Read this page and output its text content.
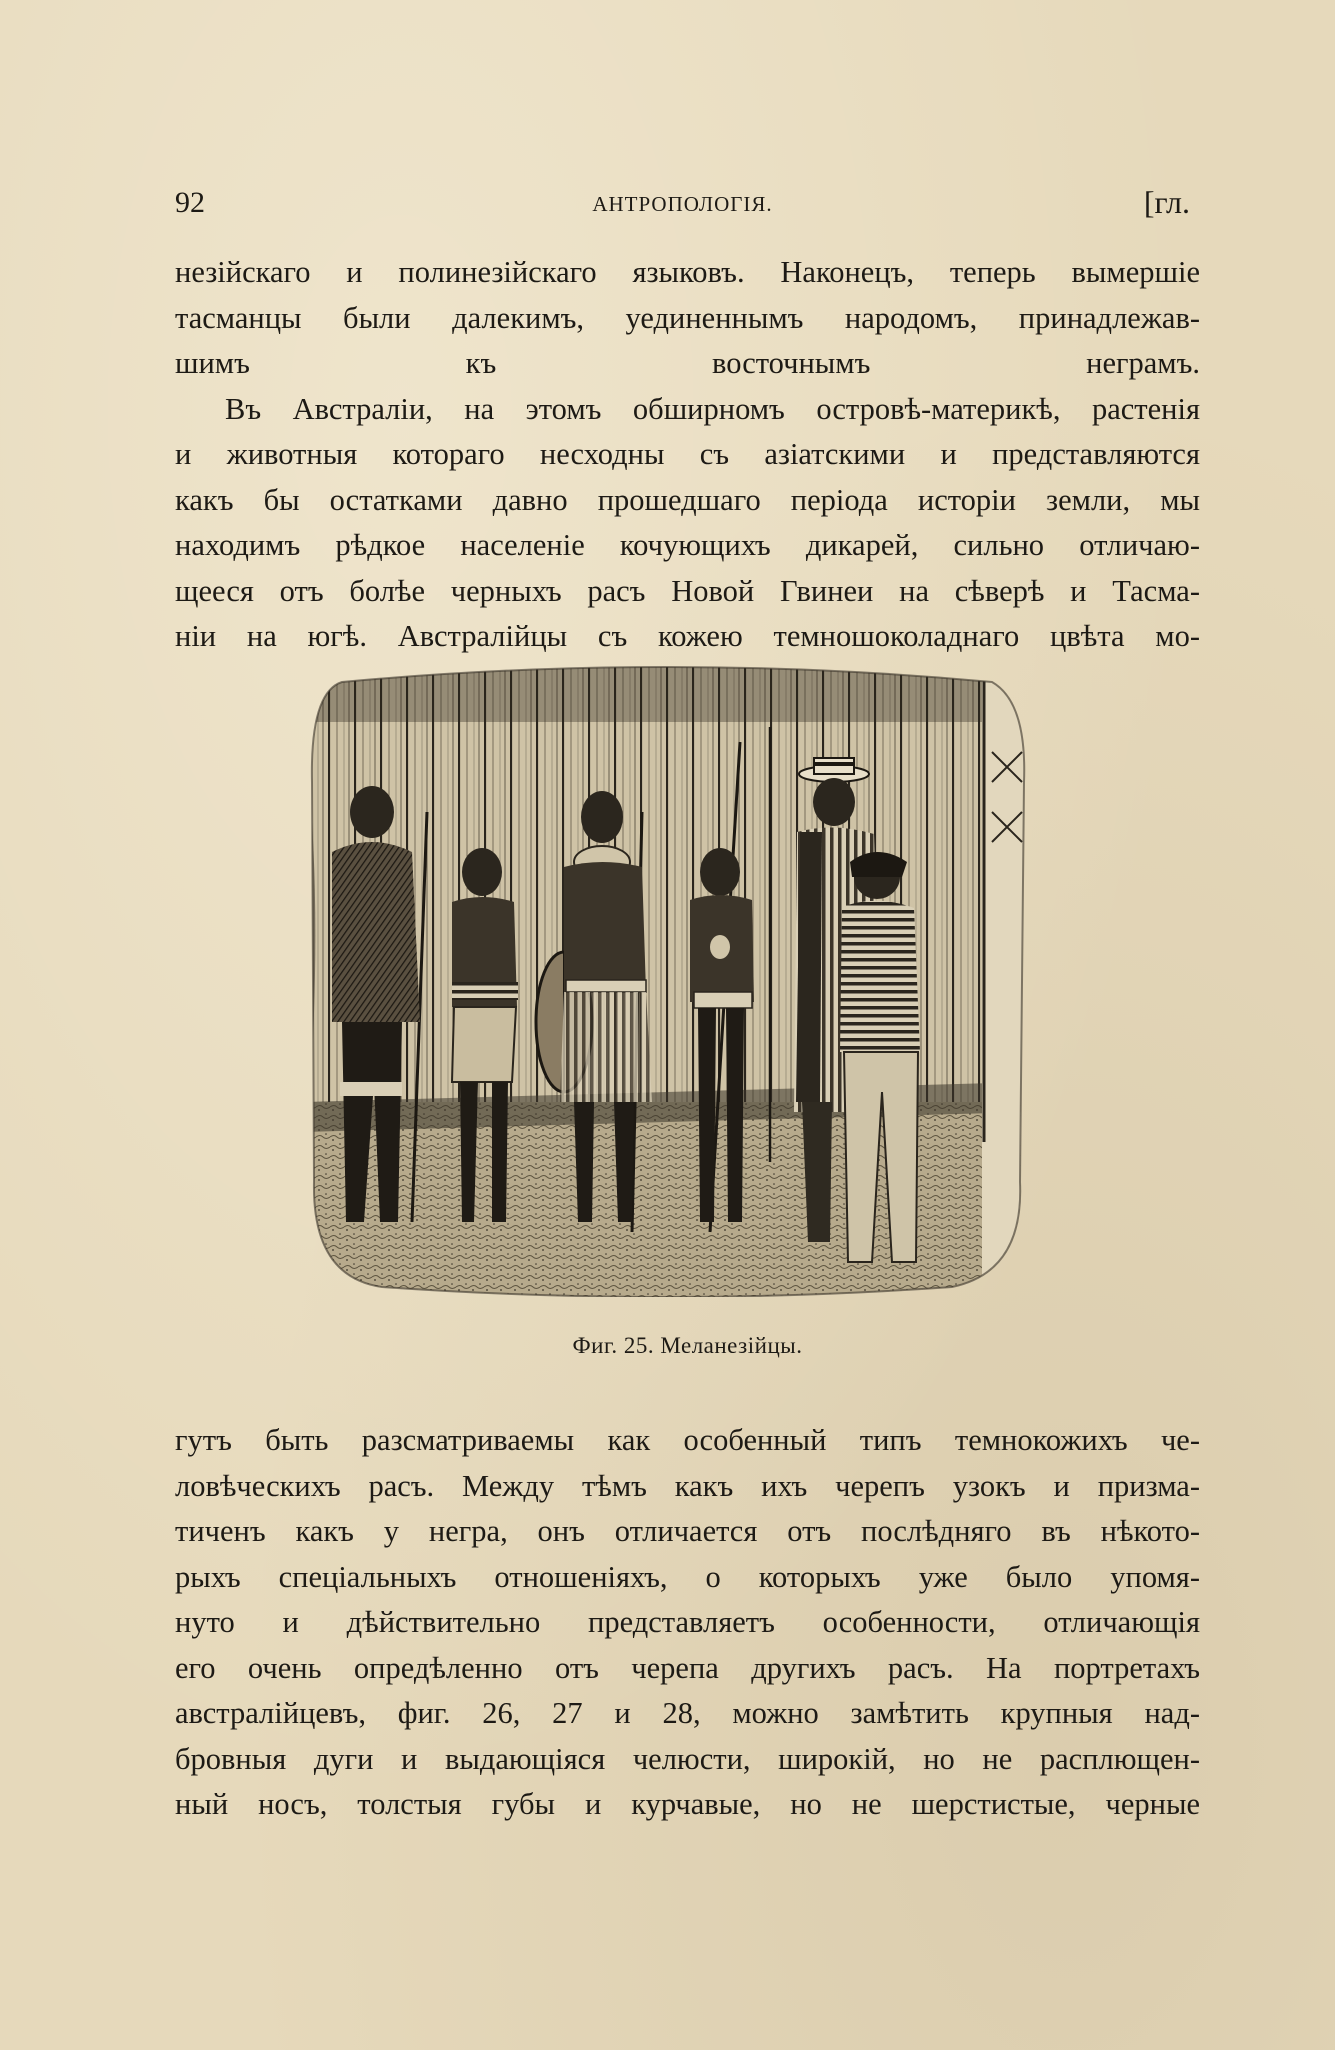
92	АНТРОПОЛОГІЯ.	[гл.

незійскаго и полинезійскаго языковъ. Наконецъ, теперь вымершіе
тасманцы были далекимъ, уединеннымъ народомъ, принадлежав-
шимъ къ восточнымъ неграмъ.

Въ Австраліи, на этомъ обширномъ островѣ-материкѣ, растенія
и животныя котораго несходны съ азіатскими и представляются
какъ бы остатками давно прошедшаго періода исторіи земли, мы
находимъ рѣдкое населеніе кочующихъ дикарей, сильно отличаю-
щееся отъ болѣе черныхъ расъ Новой Гвинеи на сѣверѣ и Тасма-
ніи на югѣ. Австралійцы съ кожею темношоколаднаго цвѣта мо-

Фиг. 25. Меланезійцы.

гутъ быть разсматриваемы как особенный типъ темнокожихъ че-
ловѣческихъ расъ. Между тѣмъ какъ ихъ черепъ узокъ и призма-
тиченъ какъ у негра, онъ отличается отъ послѣдняго въ нѣкото-
рыхъ спеціальныхъ отношеніяхъ, о которыхъ уже было упомя-
нуто и дѣйствительно представляетъ особенности, отличающія
его очень опредѣленно отъ черепа другихъ расъ. На портретахъ
австралійцевъ, фиг. 26, 27 и 28, можно замѣтить крупныя над-
бровныя дуги и выдающіяся челюсти, широкій, но не расплющен-
ный носъ, толстыя губы и курчавые, но не шерстистые, черные
